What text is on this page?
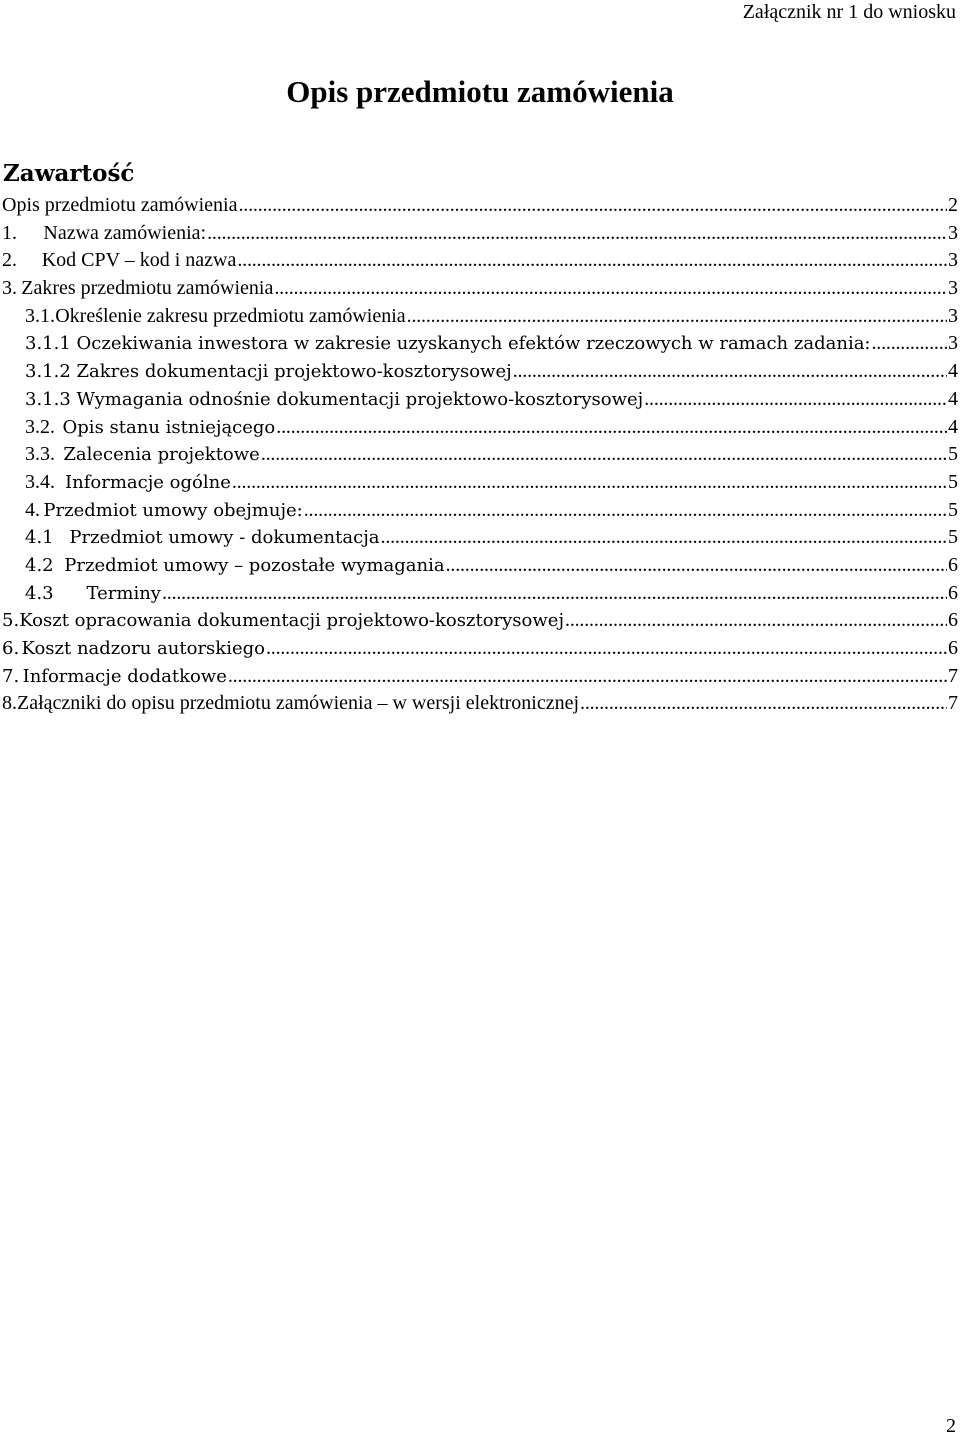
Załącznik nr 1 do wniosku
Opis przedmiotu zamówienia
Zawartość
Opis przedmiotu zamówienia . . .	2
1.	Nazwa zamówienia: . . .	3
2.	Kod CPV – kod i nazwa . . .	3
3. Zakres przedmiotu zamówienia . . .	3
3.1. Określenie zakresu przedmiotu zamówienia . . .	3
3.1.1 Oczekiwania inwestora w zakresie uzyskanych efektów rzeczowych w ramach zadania: . . .	3
3.1.2 Zakres dokumentacji projektowo-kosztorysowej . . .	4
3.1.3 Wymagania odnośnie dokumentacji projektowo-kosztorysowej . . .	4
3.2. Opis stanu istniejącego . . .	4
3.3. Zalecenia projektowe . . .	5
3.4. Informacje ogólne . . .	5
4. Przedmiot umowy obejmuje: . . .	5
4.1 Przedmiot umowy - dokumentacja . . .	5
4.2 Przedmiot umowy – pozostałe wymagania . . .	6
4.3	Terminy . . .	6
5. Koszt opracowania dokumentacji projektowo-kosztorysowej . . .	6
6. Koszt nadzoru autorskiego . . .	6
7. Informacje dodatkowe . . .	7
8. Załączniki do opisu przedmiotu zamówienia – w wersji elektronicznej . . .	7
2
